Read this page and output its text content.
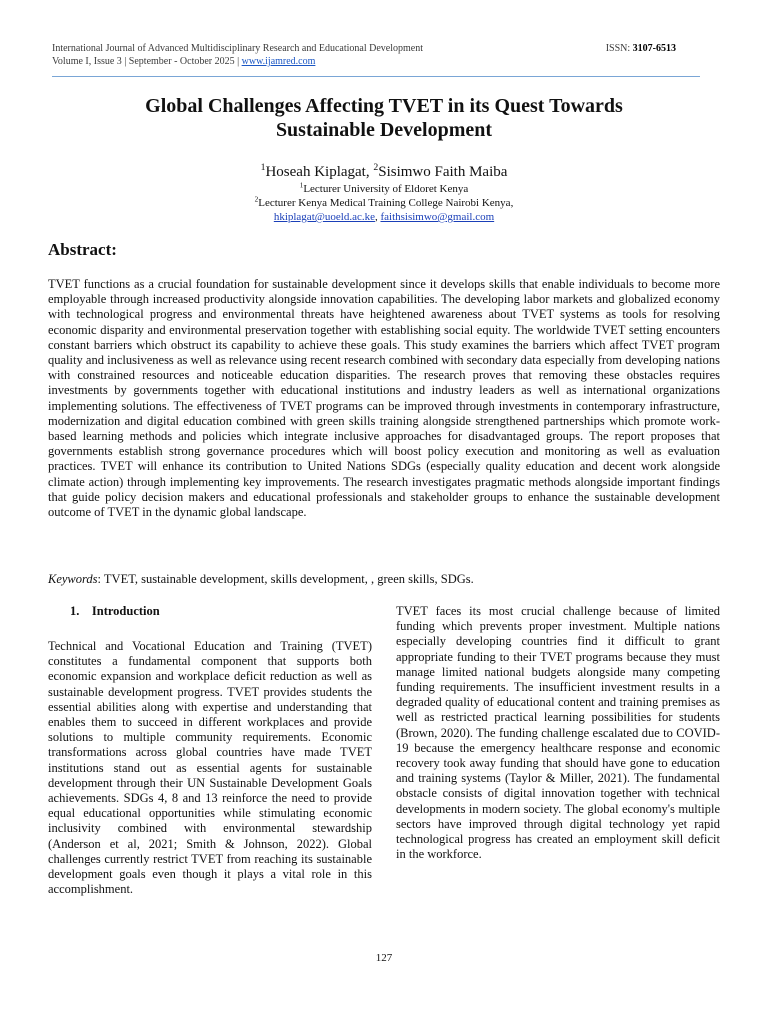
International Journal of Advanced Multidisciplinary Research and Educational Development
Volume I, Issue 3 | September - October 2025 | www.ijamred.com
ISSN: 3107-6513
Global Challenges Affecting TVET in its Quest Towards
Sustainable Development
$^1$Hoseah Kiplagat, $^2$Sisimwo Faith Maiba
$^1$Lecturer University of Eldoret Kenya
$^2$Lecturer Kenya Medical Training College Nairobi Kenya,
hkiplagat@uoeld.ac.ke, faithsisimwo@gmail.com
Abstract:

TVET functions as a crucial foundation for sustainable development since it develops skills that enable individuals to become more employable through increased productivity alongside innovation capabilities. The developing labor markets and globalized economy with technological progress and environmental threats have heightened awareness about TVET systems as tools for resolving economic disparity and environmental preservation together with establishing social equity. The worldwide TVET setting encounters constant barriers which obstruct its capability to achieve these goals. This study examines the barriers which affect TVET program quality and inclusiveness as well as relevance using recent research combined with secondary data especially from developing nations with constrained resources and noticeable education disparities. The research proves that removing these obstacles requires investments by governments together with educational institutions and industry leaders as well as international organizations implementing solutions. The effectiveness of TVET programs can be improved through investments in contemporary infrastructure, modernization and digital education combined with green skills training alongside strengthened partnerships which promote work-based learning methods and policies which integrate inclusive approaches for disadvantaged groups. The report proposes that governments establish strong governance procedures which will boost policy execution and monitoring as well as evaluation practices. TVET will enhance its contribution to United Nations SDGs (especially quality education and decent work alongside climate action) through implementing key improvements. The research investigates pragmatic methods alongside important findings that guide policy decision makers and educational professionals and stakeholder groups to enhance the sustainable development outcome of TVET in the dynamic global landscape.

Keywords: TVET, sustainable development, skills development, , green skills, SDGs.
1. Introduction

Technical and Vocational Education and Training (TVET) constitutes a fundamental component that supports both economic expansion and workplace deficit reduction as well as sustainable development progress. TVET provides students the essential abilities along with expertise and understanding that enables them to succeed in different workplaces and provide solutions to multiple community requirements. Economic transformations across global countries have made TVET institutions stand out as essential agents for sustainable development through their UN Sustainable Development Goals achievements. SDGs 4, 8 and 13 reinforce the need to provide equal educational opportunities while stimulating economic inclusivity combined with environmental stewardship (Anderson et al, 2021; Smith & Johnson, 2022). Global challenges currently restrict TVET from reaching its sustainable development goals even though it plays a vital role in this accomplishment.

TVET faces its most crucial challenge because of limited funding which prevents proper investment. Multiple nations especially developing countries find it difficult to grant appropriate funding to their TVET programs because they must manage limited national budgets alongside many competing funding requirements. The insufficient investment results in a degraded quality of educational content and training premises as well as restricted practical learning possibilities for students (Brown, 2020). The funding challenge escalated due to COVID-19 because the emergency healthcare response and economic recovery took away funding that should have gone to education and training systems (Taylor & Miller, 2021). The fundamental obstacle consists of digital innovation together with technical developments in modern society. The global economy's multiple sectors have improved through digital technology yet rapid technological progress has created an employment skill deficit in the workforce.

127
